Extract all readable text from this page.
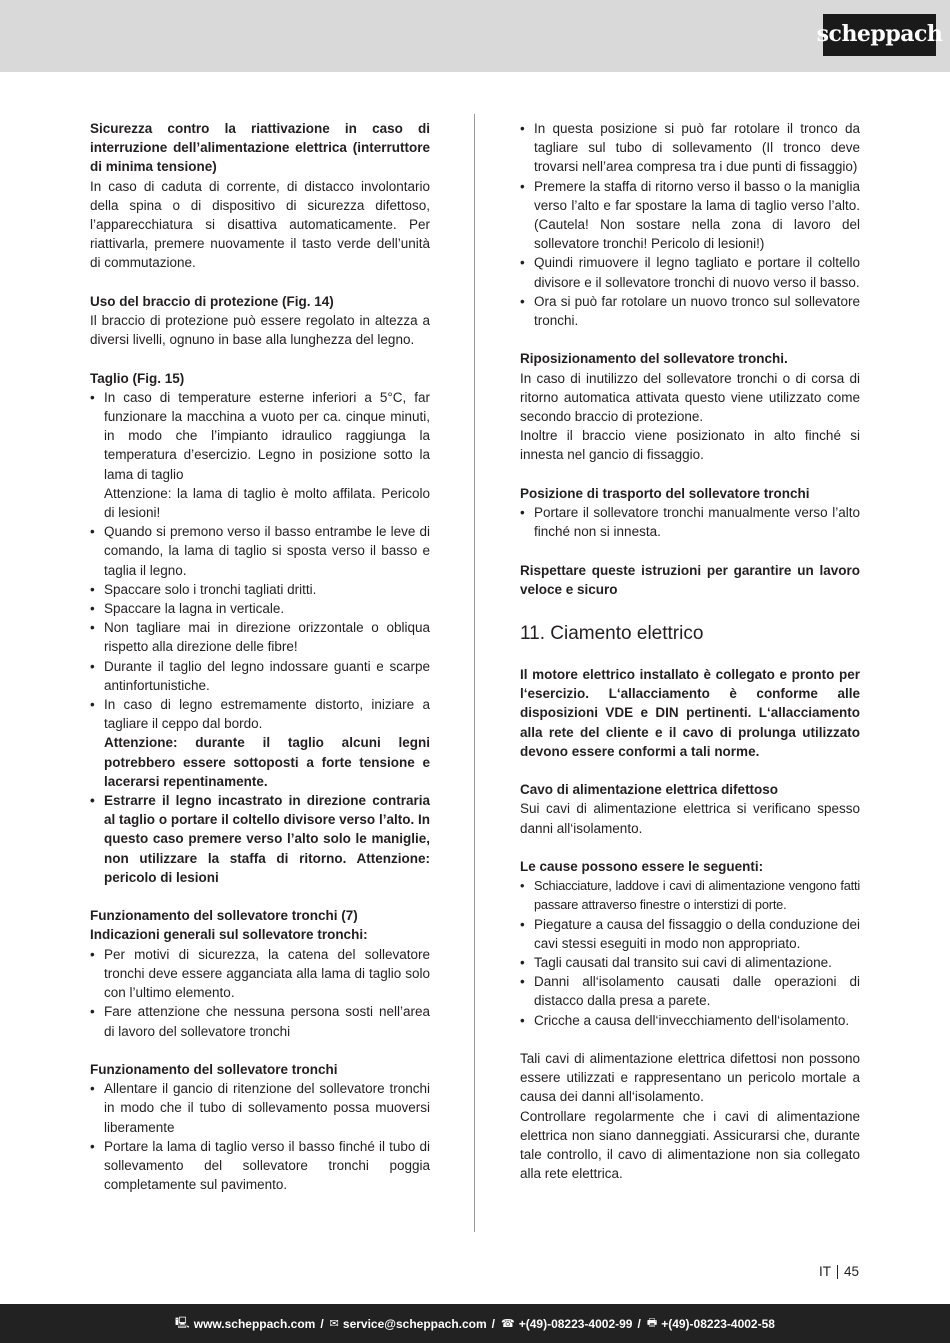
scheppach

Sicurezza contro la riattivazione in caso di interruzione dell’alimentazione elettrica (interruttore di minima tensione)

In caso di caduta di corrente, di distacco involontario della spina o di dispositivo di sicurezza difettoso, l’apparecchiatura si disattiva automaticamente. Per riattivarla, premere nuovamente il tasto verde dell’unità di commutazione.

Uso del braccio di protezione (Fig. 14)

Il braccio di protezione può essere regolato in altezza a diversi livelli, ognuno in base alla lunghezza del legno.

Taglio (Fig. 15)

• In caso di temperature esterne inferiori a 5°C, far funzionare la macchina a vuoto per ca. cinque minuti, in modo che l’impianto idraulico raggiunga la temperatura d’esercizio. Legno in posizione sotto la lama di taglio
Attenzione: la lama di taglio è molto affilata. Pericolo di lesioni!
• Quando si premono verso il basso entrambe le leve di comando, la lama di taglio si sposta verso il basso e taglia il legno.
• Spaccare solo i tronchi tagliati dritti.
• Spaccare la lagna in verticale.
• Non tagliare mai in direzione orizzontale o obliqua rispetto alla direzione delle fibre!
• Durante il taglio del legno indossare guanti e scarpe antinfortunistiche.
• In caso di legno estremamente distorto, iniziare a tagliare il ceppo dal bordo.
Attenzione: durante il taglio alcuni legni potrebbero essere sottoposti a forte tensione e lacerarsi repentinamente.
• Estrarre il legno incastrato in direzione contraria al taglio o portare il coltello divisore verso l’alto. In questo caso premere verso l’alto solo le maniglie, non utilizzare la staffa di ritorno. Attenzione: pericolo di lesioni

Funzionamento del sollevatore tronchi (7)

Indicazioni generali sul sollevatore tronchi:

• Per motivi di sicurezza, la catena del sollevatore tronchi deve essere agganciata alla lama di taglio solo con l’ultimo elemento.
• Fare attenzione che nessuna persona sosti nell’area di lavoro del sollevatore tronchi

Funzionamento del sollevatore tronchi

• Allentare il gancio di ritenzione del sollevatore tronchi in modo che il tubo di sollevamento possa muoversi liberamente
• Portare la lama di taglio verso il basso finché il tubo di sollevamento del sollevatore tronchi poggia completamente sul pavimento.
• In questa posizione si può far rotolare il tronco da tagliare sul tubo di sollevamento (Il tronco deve trovarsi nell’area compresa tra i due punti di fissaggio)
• Premere la staffa di ritorno verso il basso o la maniglia verso l’alto e far spostare la lama di taglio verso l’alto. (Cautela! Non sostare nella zona di lavoro del sollevatore tronchi! Pericolo di lesioni!)
• Quindi rimuovere il legno tagliato e portare il coltello divisore e il sollevatore tronchi di nuovo verso il basso.
• Ora si può far rotolare un nuovo tronco sul sollevatore tronchi.

Riposizionamento del sollevatore tronchi.

In caso di inutilizzo del sollevatore tronchi o di corsa di ritorno automatica attivata questo viene utilizzato come secondo braccio di protezione.

Inoltre il braccio viene posizionato in alto finché si innesta nel gancio di fissaggio.

Posizione di trasporto del sollevatore tronchi

• Portare il sollevatore tronchi manualmente verso l’alto finché non si innesta.

Rispettare queste istruzioni per garantire un lavoro veloce e sicuro

11. Ciamento elettrico

Il motore elettrico installato è collegato e pronto per l‘esercizio. L‘allacciamento è conforme alle disposizioni VDE e DIN pertinenti. L‘allacciamento alla rete del cliente e il cavo di prolunga utilizzato devono essere conformi a tali norme.

Cavo di alimentazione elettrica difettoso

Sui cavi di alimentazione elettrica si verificano spesso danni all‘isolamento.

Le cause possono essere le seguenti:

• Schiacciature, laddove i cavi di alimentazione vengono fatti passare attraverso finestre o interstizi di porte.
• Piegature a causa del fissaggio o della conduzione dei cavi stessi eseguiti in modo non appropriato.
• Tagli causati dal transito sui cavi di alimentazione.
• Danni all‘isolamento causati dalle operazioni di distacco dalla presa a parete.
• Cricche a causa dell‘invecchiamento dell‘isolamento.

Tali cavi di alimentazione elettrica difettosi non possono essere utilizzati e rappresentano un pericolo mortale a causa dei danni all‘isolamento.

Controllare regolarmente che i cavi di alimentazione elettrica non siano danneggiati. Assicurarsi che, durante tale controllo, il cavo di alimentazione non sia collegato alla rete elettrica.

IT 45
🖳 www.scheppach.com / ✉ service@scheppach.com / ☎ +(49)-08223-4002-99 / 🖶 +(49)-08223-4002-58
